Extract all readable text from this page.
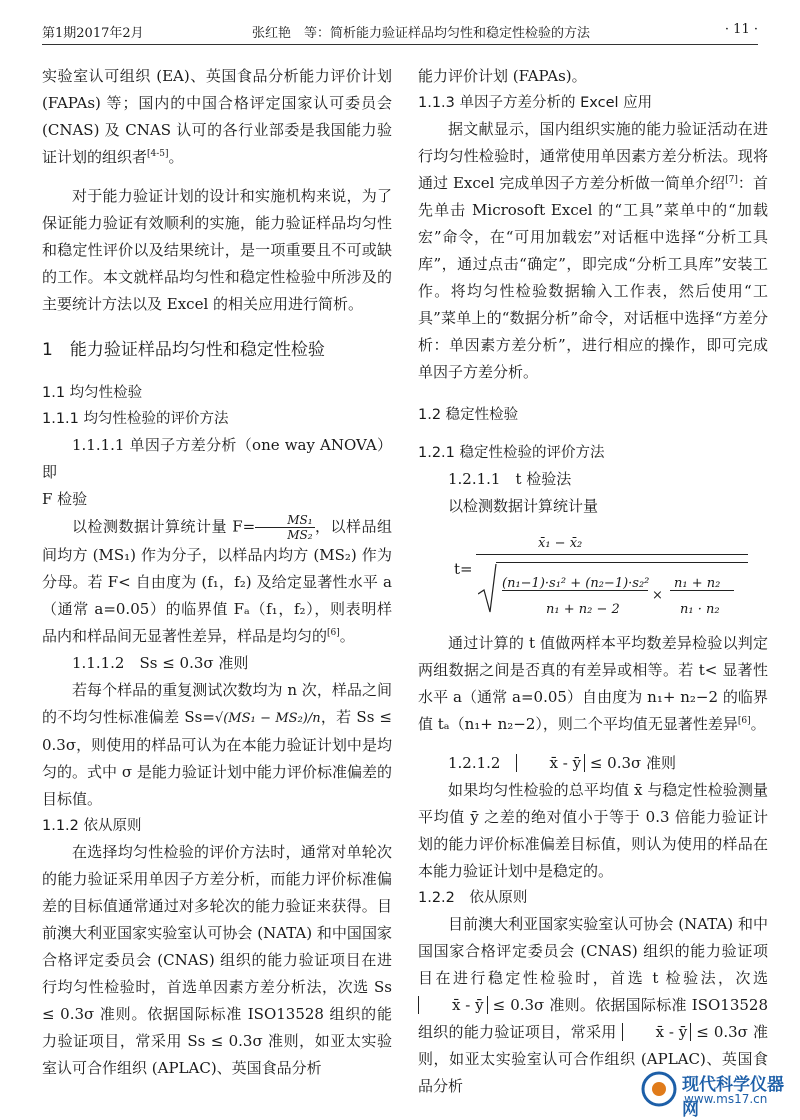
第1期2017年2月	张红艳　等：简析能力验证样品均匀性和稳定性检验的方法	· 11 ·

实验室认可组织 (EA)、英国食品分析能力评价计划 (FAPAs) 等；国内的中国合格评定国家认可委员会 (CNAS) 及 CNAS 认可的各行业部委是我国能力验证计划的组织者[4-5]。

对于能力验证计划的设计和实施机构来说，为了保证能力验证有效顺利的实施，能力验证样品均匀性和稳定性评价以及结果统计，是一项重要且不可或缺的工作。本文就样品均匀性和稳定性检验中所涉及的主要统计方法以及 Excel 的相关应用进行简析。

1　能力验证样品均匀性和稳定性检验
1.1 均匀性检验
1.1.1 均匀性检验的评价方法

1.1.1.1 单因子方差分析（one way ANOVA）即

F 检验

以检测数据计算统计量 $F= \frac{\text{MS₁}}{\text{MS₂}}$ ，以样品组间均方 (MS₁) 作为分子，以样品内均方 (MS₂) 作为分母。若 F< 自由度为 (f₁，f₂) 及给定显著性水平 a（通常 a=0.05）的临界值 Fₐ（f₁，f₂），则表明样品内和样品间无显著性差异，样品是均匀的[6]。

1.1.1.2　Ss ≤ 0.3σ 准则

若每个样品的重复测试次数均为 n 次，样品之间的不均匀性标准偏差 Ss=√(MS₁ − MS₂)/n，若 Ss ≤ 0.3σ，则使用的样品可认为在本能力验证计划中是均匀的。式中 σ 是能力验证计划中能力评价标准偏差的目标值。

1.1.2 依从原则

在选择均匀性检验的评价方法时，通常对单轮次的能力验证采用单因子方差分析，而能力评价标准偏差的目标值通常通过对多轮次的能力验证来获得。目前澳大利亚国家实验室认可协会 (NATA) 和中国国家合格评定委员会 (CNAS) 组织的能力验证项目在进行均匀性检验时，首选单因素方差分析法，次选 Ss ≤ 0.3σ 准则。依据国际标准 ISO13528 组织的能力验证项目，常采用 Ss ≤ 0.3σ 准则，如亚太实验室认可合作组织 (APLAC)、英国食品分析

能力评价计划 (FAPAs)。

1.1.3 单因子方差分析的 Excel 应用

据文献显示，国内组织实施的能力验证活动在进行均匀性检验时，通常使用单因素方差分析法。现将通过 Excel 完成单因子方差分析做一简单介绍[7]：首先单击 Microsoft Excel 的“工具”菜单中的“加载宏”命令，在“可用加载宏”对话框中选择“分析工具库”，通过点击“确定”，即完成“分析工具库”安装工作。将均匀性检验数据输入工作表，然后使用“工具”菜单上的“数据分析”命令，对话框中选择“方差分析：单因素方差分析”，进行相应的操作，即可完成单因子方差分析。

1.2 稳定性检验
1.2.1 稳定性检验的评价方法

1.2.1.1　t 检验法

以检测数据计算统计量

t=
x̄₁ − x̄₂
(n₁−1)·s₁² + (n₂−1)·s₂²
n₁ + n₂ − 2
×
n₁ + n₂
n₁ · n₂

通过计算的 t 值做两样本平均数差异检验以判定两组数据之间是否真的有差异或相等。若 t< 显著性水平 a（通常 a=0.05）自由度为 n₁+ n₂−2 的临界值 tₐ（n₁+ n₂−2），则二个平均值无显著性差异[6]。

1.2.1.2　	x̄ - ȳ ≤ 0.3σ 准则

如果均匀性检验的总平均值 x̄ 与稳定性检验测量平均值 ȳ 之差的绝对值小于等于 0.3 倍能力验证计划的能力评价标准偏差目标值，则认为使用的样品在本能力验证计划中是稳定的。

1.2.2　依从原则

目前澳大利亚国家实验室认可协会 (NATA) 和中国国家合格评定委员会 (CNAS) 组织的能力验证项目在进行稳定性检验时，首选 t 检验法，次选 x̄ - ȳ ≤ 0.3σ 准则。依据国际标准 ISO13528 组织的能力验证项目，常采用	x̄ - ȳ ≤ 0.3σ 准则，如亚太实验室认可合作组织 (APLAC)、英国食品分析	现代科学仪器网
www.ms17.cn
